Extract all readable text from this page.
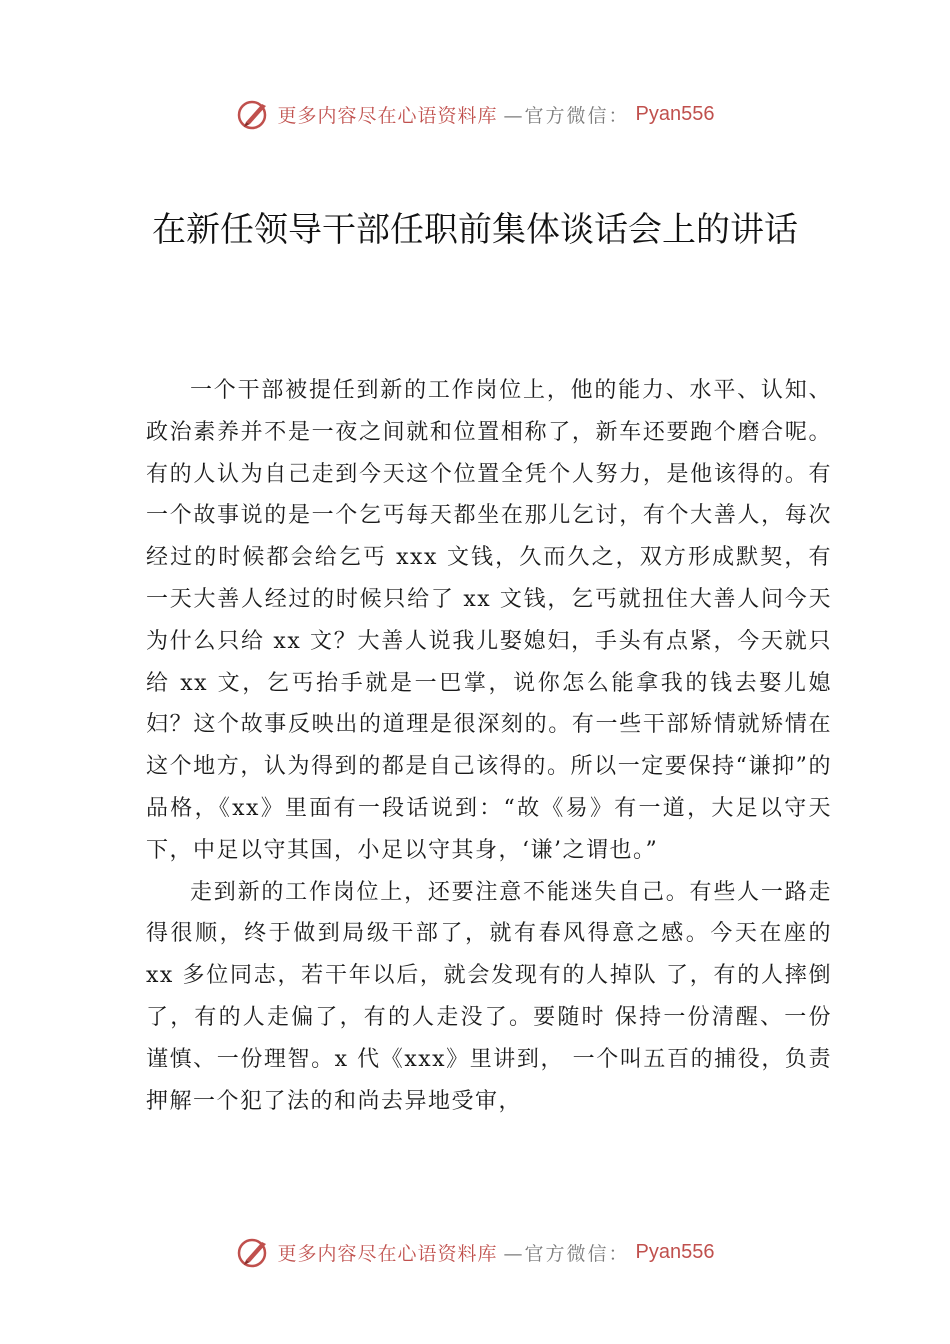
更多内容尽在心语资料库 —官方微信： Pyan556
在新任领导干部任职前集体谈话会上的讲话

一个干部被提任到新的工作岗位上，他的能力、水平、认知、政治素养并不是一夜之间就和位置相称了，新车还要跑个磨合呢。有的人认为自己走到今天这个位置全凭个人努力，是他该得的。有一个故事说的是一个乞丐每天都坐在那儿乞讨，有个大善人，每次经过的时候都会给乞丐 xxx 文钱，久而久之，双方形成默契，有一天大善人经过的时候只给了 xx 文钱，乞丐就扭住大善人问今天为什么只给 xx 文？大善人说我儿娶媳妇，手头有点紧，今天就只给 xx 文，乞丐抬手就是一巴掌，说你怎么能拿我的钱去娶儿媳妇？这个故事反映出的道理是很深刻的。有一些干部矫情就矫情在这个地方，认为得到的都是自己该得的。所以一定要保持“谦抑”的品格，《xx》里面有一段话说到：“故《易》有一道，大足以守天下，中足以守其国，小足以守其身，‘谦’之谓也。”

走到新的工作岗位上，还要注意不能迷失自己。有些人一路走得很顺，终于做到局级干部了，就有春风得意之感。今天在座的 xx 多位同志，若干年以后，就会发现有的人掉队 了，有的人摔倒了，有的人走偏了，有的人走没了。要随时 保持一份清醒、一份谨慎、一份理智。x 代《xxx》里讲到， 一个叫五百的捕役，负责押解一个犯了法的和尚去异地受审，

更多内容尽在心语资料库 —官方微信： Pyan556
